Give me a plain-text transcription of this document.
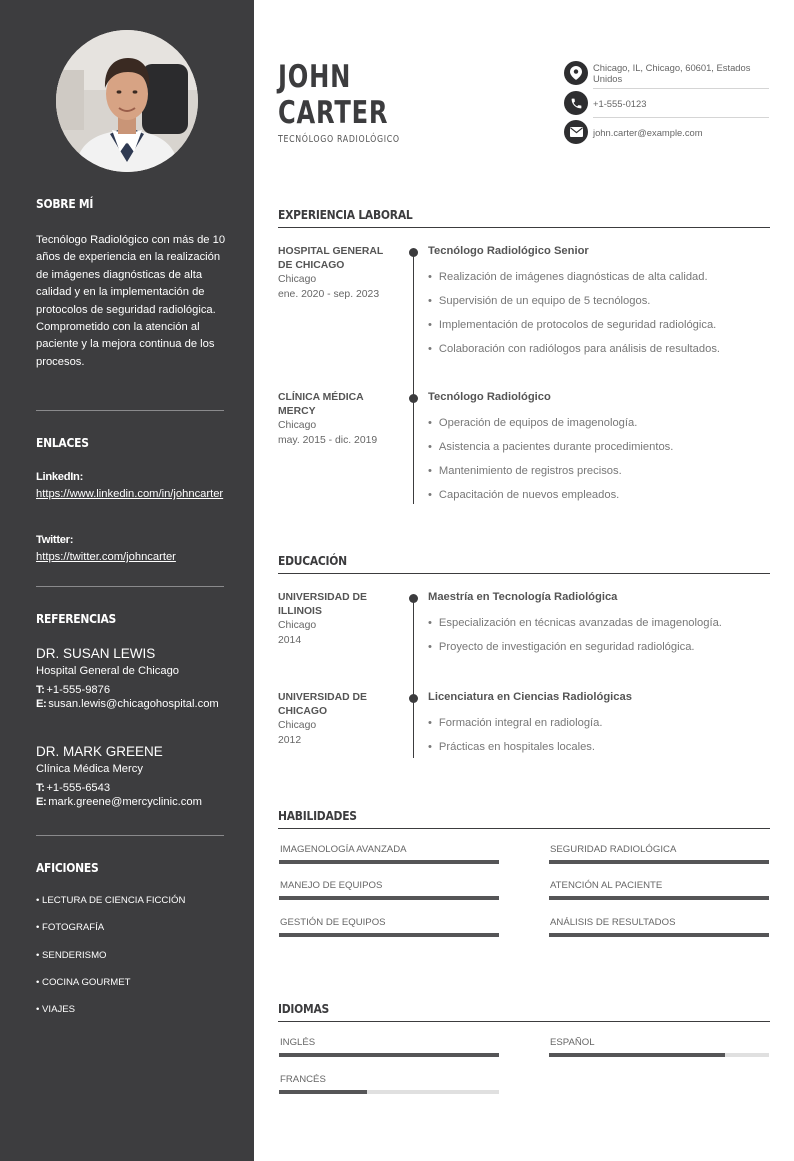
SOBRE MÍ
Tecnólogo Radiológico con más de 10 años de experiencia en la realización de imágenes diagnósticas de alta calidad y en la implementación de protocolos de seguridad radiológica. Comprometido con la atención al paciente y la mejora continua de los procesos.
ENLACES
LinkedIn:
https://www.linkedin.com/in/johncarter
Twitter:
https://twitter.com/johncarter
REFERENCIAS
DR. SUSAN LEWIS
Hospital General de Chicago
T: +1-555-9876
E: susan.lewis@chicagohospital.com
DR. MARK GREENE
Clínica Médica Mercy
T: +1-555-6543
E: mark.greene@mercyclinic.com
AFICIONES
• LECTURA DE CIENCIA FICCIÓN
• FOTOGRAFÍA
• SENDERISMO
• COCINA GOURMET
• VIAJES
JOHN
CARTER
TECNÓLOGO RADIOLÓGICO
Chicago, IL, Chicago, 60601, Estados Unidos
+1-555-0123
john.carter@example.com
EXPERIENCIA LABORAL
HOSPITAL GENERAL DE CHICAGO
Chicago
ene. 2020 - sep. 2023
Tecnólogo Radiológico Senior
• Realización de imágenes diagnósticas de alta calidad.
• Supervisión de un equipo de 5 tecnólogos.
• Implementación de protocolos de seguridad radiológica.
• Colaboración con radiólogos para análisis de resultados.
CLÍNICA MÉDICA MERCY
Chicago
may. 2015 - dic. 2019
Tecnólogo Radiológico
• Operación de equipos de imagenología.
• Asistencia a pacientes durante procedimientos.
• Mantenimiento de registros precisos.
• Capacitación de nuevos empleados.
EDUCACIÓN
UNIVERSIDAD DE ILLINOIS
Chicago
2014
Maestría en Tecnología Radiológica
• Especialización en técnicas avanzadas de imagenología.
• Proyecto de investigación en seguridad radiológica.
UNIVERSIDAD DE CHICAGO
Chicago
2012
Licenciatura en Ciencias Radiológicas
• Formación integral en radiología.
• Prácticas en hospitales locales.
HABILIDADES
IMAGENOLOGÍA AVANZADA	SEGURIDAD RADIOLÓGICA
MANEJO DE EQUIPOS	ATENCIÓN AL PACIENTE
GESTIÓN DE EQUIPOS	ANÁLISIS DE RESULTADOS
IDIOMAS
INGLÉS	ESPAÑOL
FRANCÉS
